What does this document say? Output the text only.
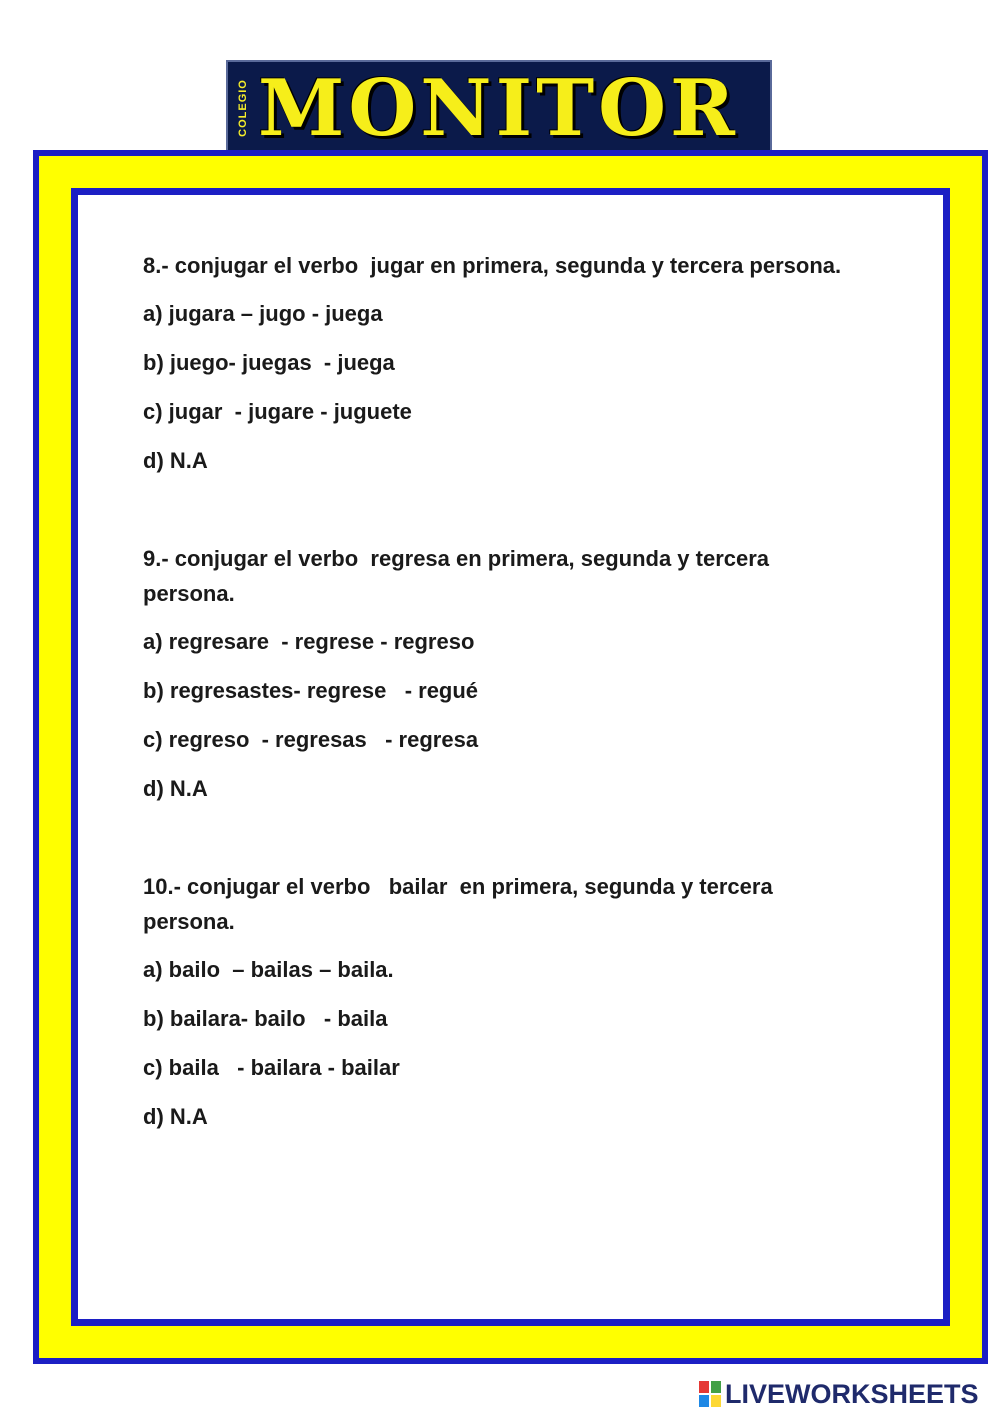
COLEGIO MONITOR
8.- conjugar el verbo  jugar en primera, segunda y tercera persona.
a) jugara – jugo - juega
b) juego- juegas  - juega
c) jugar  - jugare - juguete
d) N.A
9.- conjugar el verbo  regresa en primera, segunda y tercera persona.
a) regresare  - regrese - regreso
b) regresastes- regrese   - regué
c) regreso  - regresas   - regresa
d) N.A
10.- conjugar el verbo   bailar  en primera, segunda y tercera persona.
a) bailo  – bailas – baila.
b) bailara- bailo   - baila
c) baila   - bailara - bailar
d) N.A
LIVEWORKSHEETS
